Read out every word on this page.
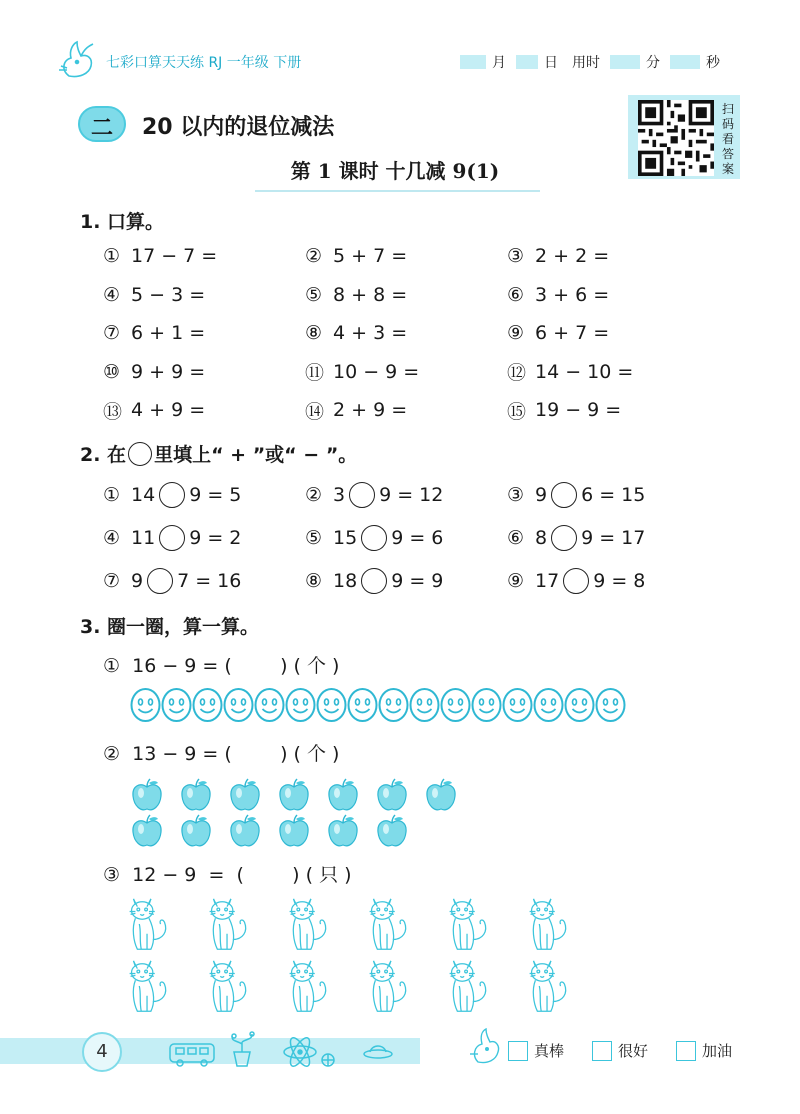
七彩口算天天练 RJ 一年级 下册	月	日 用时	分	秒
二	20 以内的退位减法
扫码看答案
第 1 课时 十几减 9(1)
1. 口算。
① 17 − 7 =	② 5 + 7 =	③ 2 + 2 =
④ 5 − 3 =	⑤ 8 + 8 =	⑥ 3 + 6 =
⑦ 6 + 1 =	⑧ 4 + 3 =	⑨ 6 + 7 =
⑩ 9 + 9 =	⑪ 10 − 9 =	⑫ 14 − 10 =
⑬ 4 + 9 =	⑭ 2 + 9 =	⑮ 19 − 9 =
2. 在 里填上“ + ”或“ − ”。
① 14 9 = 5	② 3 9 = 12	③ 9 6 = 15
④ 11 9 = 2	⑤ 15 9 = 6	⑥ 8 9 = 17
⑦ 9 7 = 16	⑧ 18 9 = 9	⑨ 17 9 = 8
3. 圈一圈，算一算。
①  16 − 9 = (        ) ( 个 )
②  13 − 9 = (        ) ( 个 )
③  12 − 9  =  (        ) ( 只 )
4	真棒	很好	加油
